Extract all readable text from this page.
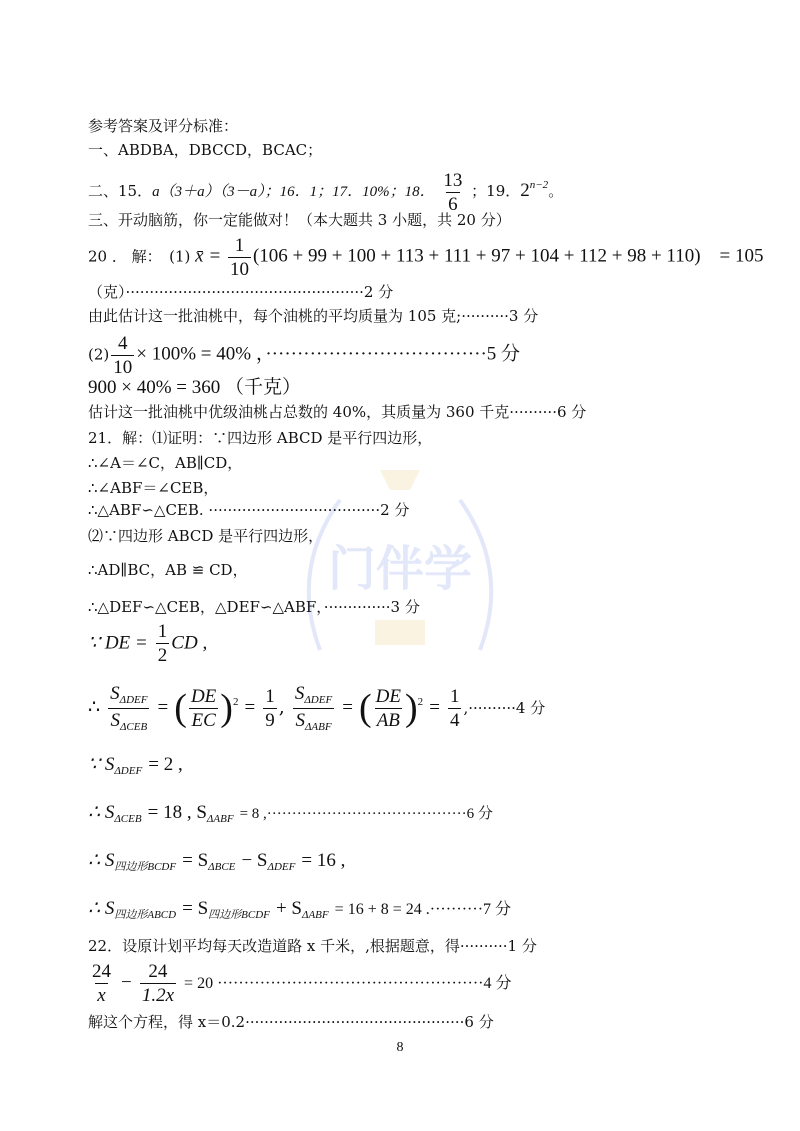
门伴学
参考答案及评分标准：
一、ABDBA，DBCCD，BCAC；
二、15．a（3＋a）（3－a）；16．1；17．10%；18． $\frac{13}{6}$ ；19．$2^{n-2}$。
三、开动脑筋，你一定能做对！（本大题共 3 小题，共 20 分）
20 ． 解：　 (1) x̄ = $\frac{1}{10} (106 + 99 + 100 + 113 + 111 + 97 + 104 + 112 + 98 + 110)$　= 105
（克）··················································2 分
由此估计这一批油桃中，每个油桃的平均质量为 105 克;··········3 分
$(2) \frac{4}{10} \times 100\% = 40\%$ ，···································5 分
900 × 40% = 360 （千克）
估计这一批油桃中优级油桃占总数的 40%，其质量为 360 千克··········6 分
21．解：⑴证明：∵四边形 ABCD 是平行四边形，
∴∠A＝∠C，AB∥CD，
∴∠ABF＝∠CEB，
∴△ABF∽△CEB. ····································2 分
⑵∵四边形 ABCD 是平行四边形，
∴AD∥BC，AB ≌ CD，
∴△DEF∽△CEB，△DEF∽△ABF，··············3 分
∵ DE = $\frac{1}{2}$ CD ,
∴ $\frac{S_{\Delta DEF}}{S_{\Delta CEB}}$ = ( $\frac{DE}{EC} )^2 = \frac{1}{9}$ , $\frac{S_{\Delta DEF}}{S_{\Delta ABF}}$ = ( $\frac{DE}{AB} )^2 = \frac{1}{4} ,\cdot\cdot\cdot\cdot\cdot\cdot\cdot\cdot\cdot\cdot 4$ 分
∵ $S_{\Delta DEF} = 2$ ,
∴ $S_{\Delta CEB} = 18$ , $S_{\Delta ABF} = 8$ ,········································6 分
∴ $S_{四边形BCDF} = S_{\Delta BCE} - S_{\Delta DEF} = 16$ ,
∴ $S_{四边形ABCD} = S_{四边形BCDF} + S_{\Delta ABF} = 16 + 8 = 24$ .··········7 分
22．设原计划平均每天改造道路 x 千米，,根据题意，得··········1 分
$\frac{24}{x} - \frac{24}{1.2x} = 20 \cdot\cdot\cdot\cdot\cdot\cdot\cdot\cdot\cdot\cdot\cdot\cdot\cdot\cdot\cdot\cdot\cdot\cdot\cdot\cdot\cdot\cdot\cdot\cdot\cdot\cdot\cdot\cdot\cdot\cdot\cdot\cdot\cdot\cdot\cdot\cdot\cdot\cdot\cdot\cdot\cdot\cdot\cdot\cdot\cdot\cdot\cdot\cdot\cdot\cdot 4$ 分
解这个方程，得 x＝0.2··············································6 分
8
